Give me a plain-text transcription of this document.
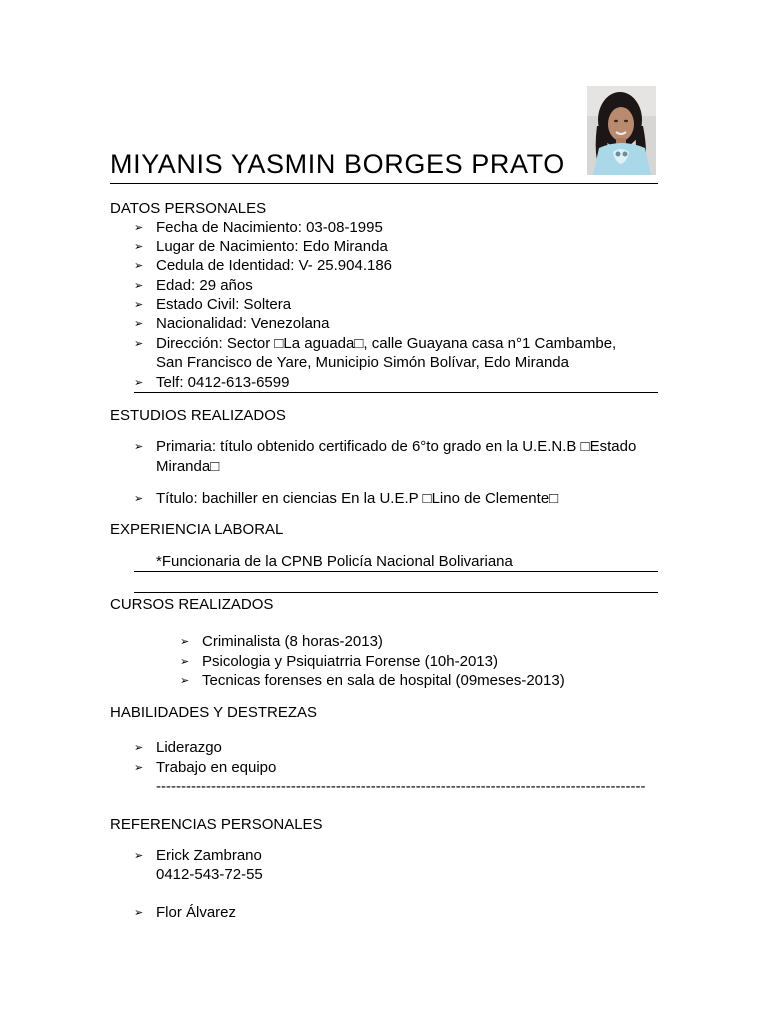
MIYANIS YASMIN BORGES PRATO
DATOS PERSONALES
➢ Fecha de Nacimiento: 03-08-1995
➢ Lugar de Nacimiento: Edo Miranda
➢ Cedula de Identidad: V- 25.904.186
➢ Edad: 29 años
➢ Estado Civil: Soltera
➢ Nacionalidad: Venezolana
➢ Dirección: Sector □La aguada□, calle Guayana casa n°1 Cambambe,
San Francisco de Yare, Municipio Simón Bolívar, Edo Miranda
➢ Telf: 0412-613-6599
ESTUDIOS REALIZADOS
➢ Primaria: título obtenido certificado de 6°to grado en la U.E.N.B □Estado
Miranda□
➢ Título: bachiller en ciencias En la U.E.P □Lino de Clemente□
EXPERIENCIA LABORAL
*Funcionaria de la CPNB Policía Nacional Bolivariana
CURSOS REALIZADOS
➢ Criminalista (8 horas-2013)
➢ Psicologia y Psiquiatrria Forense (10h-2013)
➢ Tecnicas forenses en sala de hospital (09meses-2013)
HABILIDADES Y DESTREZAS
➢ Liderazgo
➢ Trabajo en equipo
--------------------------------------------------------------------------------------------------
REFERENCIAS PERSONALES
➢ Erick Zambrano
0412-543-72-55
➢ Flor Álvarez
